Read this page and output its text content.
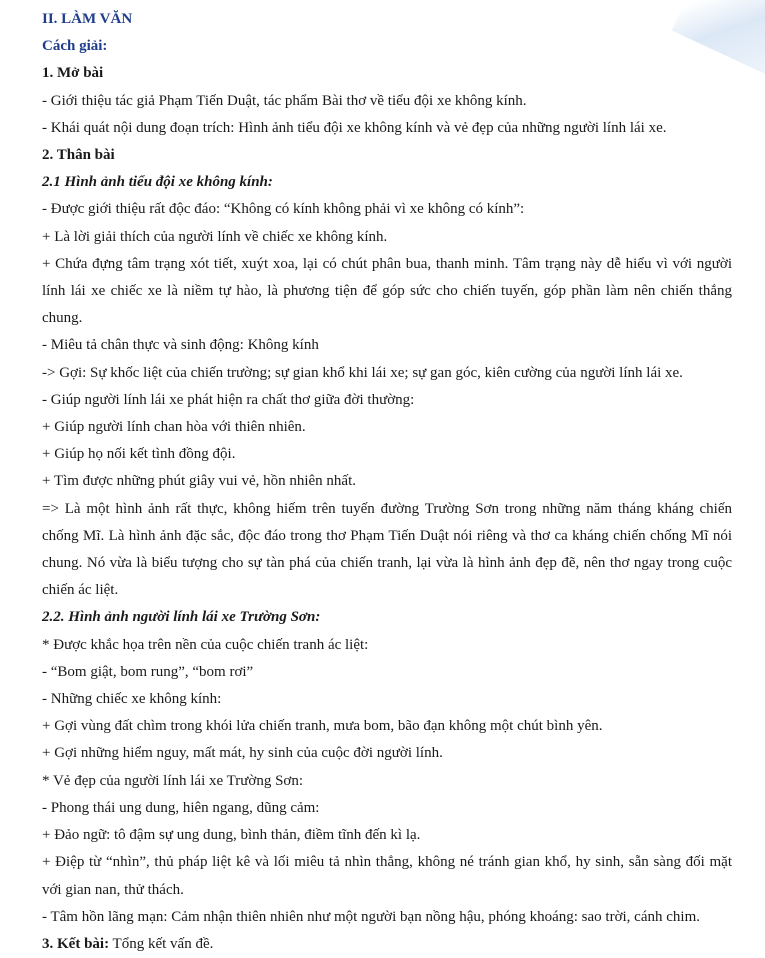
II. LÀM VĂN
Cách giải:
1. Mở bài
- Giới thiệu tác giả Phạm Tiến Duật, tác phẩm Bài thơ về tiểu đội xe không kính.
- Khái quát nội dung đoạn trích: Hình ảnh tiểu đội xe không kính và vẻ đẹp của những người lính lái xe.
2. Thân bài
2.1 Hình ảnh tiểu đội xe không kính:
- Được giới thiệu rất độc đáo: “Không có kính không phải vì xe không có kính”:
+ Là lời giải thích của người lính về chiếc xe không kính.
+ Chứa đựng tâm trạng xót tiết, xuýt xoa, lại có chút phân bua, thanh minh. Tâm trạng này dễ hiểu vì với người lính lái xe chiếc xe là niềm tự hào, là phương tiện để góp sức cho chiến tuyến, góp phần làm nên chiến thắng chung.
- Miêu tả chân thực và sinh động: Không kính
-> Gợi: Sự khốc liệt của chiến trường; sự gian khổ khi lái xe; sự gan góc, kiên cường của người lính lái xe.
- Giúp người lính lái xe phát hiện ra chất thơ giữa đời thường:
+ Giúp người lính chan hòa với thiên nhiên.
+ Giúp họ nối kết tình đồng đội.
+ Tìm được những phút giây vui vẻ, hồn nhiên nhất.
=> Là một hình ảnh rất thực, không hiếm trên tuyến đường Trường Sơn trong những năm tháng kháng chiến chống Mĩ. Là hình ảnh đặc sắc, độc đáo trong thơ Phạm Tiến Duật nói riêng và thơ ca kháng chiến chống Mĩ nói chung. Nó vừa là biểu tượng cho sự tàn phá của chiến tranh, lại vừa là hình ảnh đẹp đẽ, nên thơ ngay trong cuộc chiến ác liệt.
2.2. Hình ảnh người lính lái xe Trường Sơn:
* Được khắc họa trên nền của cuộc chiến tranh ác liệt:
- “Bom giật, bom rung”, “bom rơi”
- Những chiếc xe không kính:
+ Gợi vùng đất chìm trong khói lửa chiến tranh, mưa bom, bão đạn không một chút bình yên.
+ Gợi những hiểm nguy, mất mát, hy sinh của cuộc đời người lính.
* Vẻ đẹp của người lính lái xe Trường Sơn:
- Phong thái ung dung, hiên ngang, dũng cảm:
+ Đảo ngữ: tô đậm sự ung dung, bình thản, điềm tĩnh đến kì lạ.
+ Điệp từ “nhìn”, thủ pháp liệt kê và lối miêu tả nhìn thẳng, không né tránh gian khổ, hy sinh, sẵn sàng đối mặt với gian nan, thử thách.
- Tâm hồn lãng mạn: Cảm nhận thiên nhiên như một người bạn nồng hậu, phóng khoáng: sao trời, cánh chim.
3. Kết bài: Tổng kết vấn đề.
